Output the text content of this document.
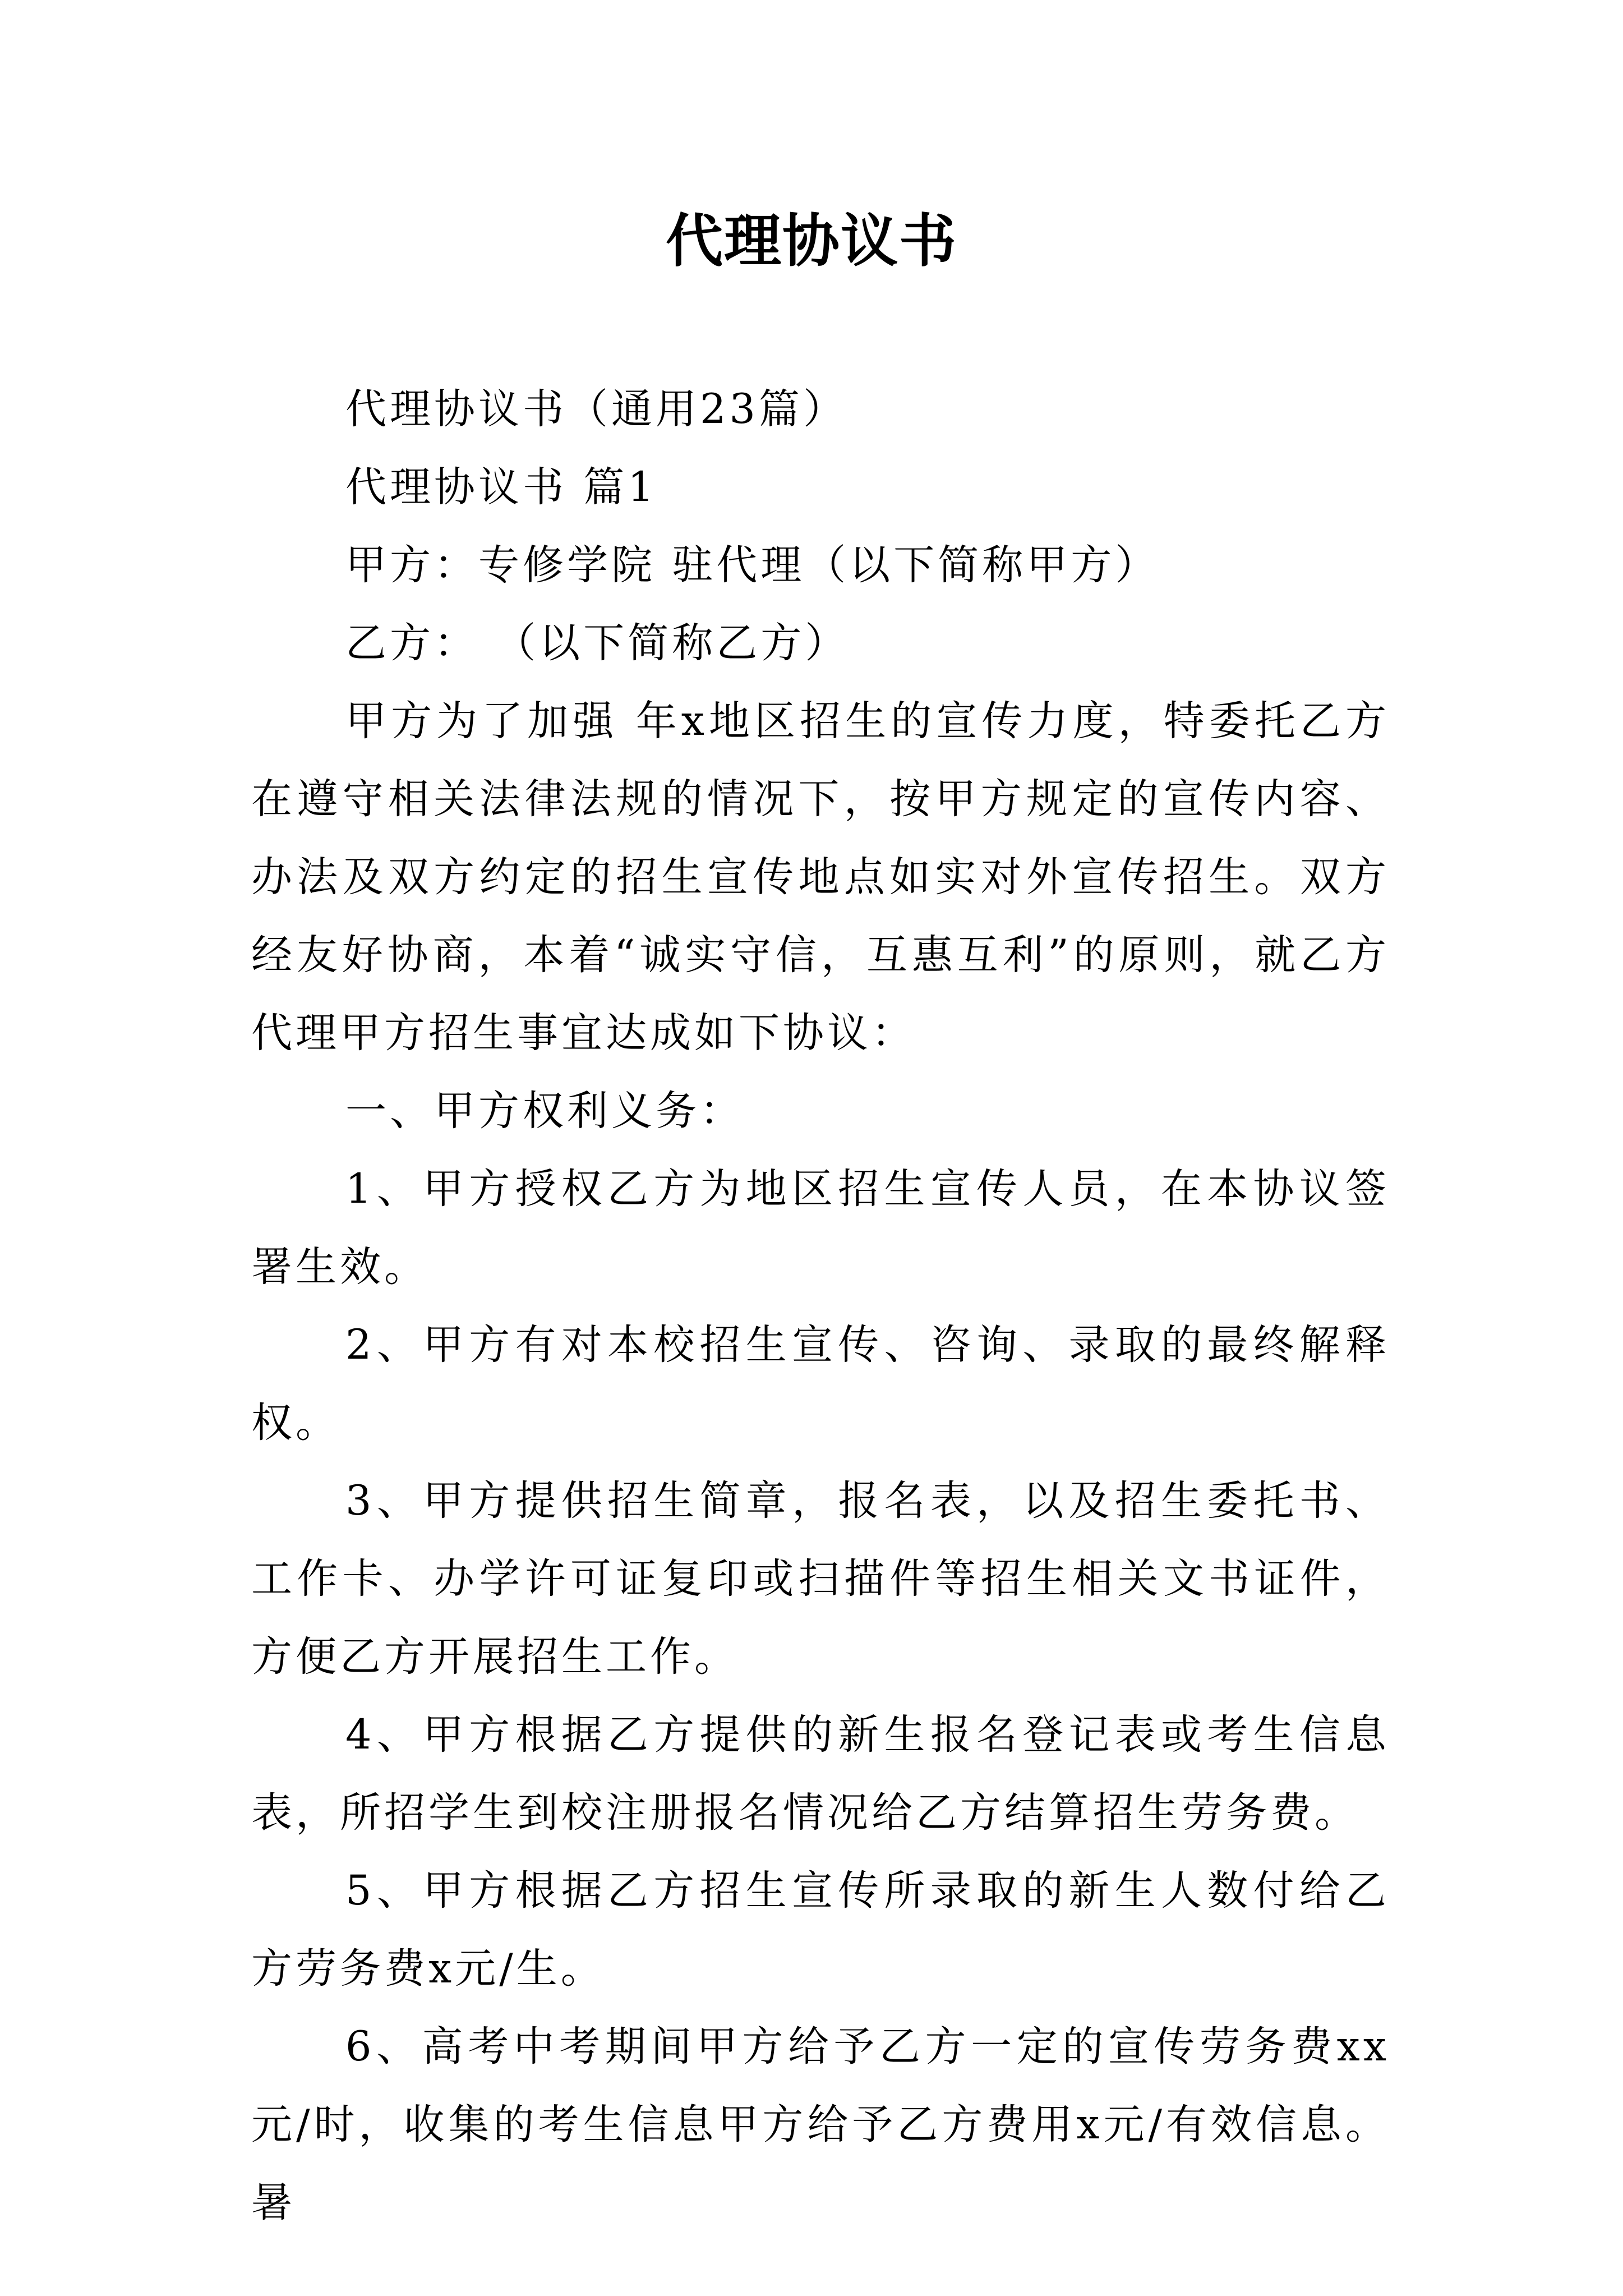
代理协议书

代理协议书（通用23篇）

代理协议书 篇1

甲方：专修学院 驻代理（以下简称甲方）

乙方： （以下简称乙方）

甲方为了加强 年x地区招生的宣传力度，特委托乙方在遵守相关法律法规的情况下，按甲方规定的宣传内容、办法及双方约定的招生宣传地点如实对外宣传招生。双方经友好协商，本着“诚实守信，互惠互利”的原则，就乙方代理甲方招生事宜达成如下协议：

一、甲方权利义务：

1、甲方授权乙方为地区招生宣传人员，在本协议签署生效。

2、甲方有对本校招生宣传、咨询、录取的最终解释权。

3、甲方提供招生简章，报名表，以及招生委托书、工作卡、办学许可证复印或扫描件等招生相关文书证件，方便乙方开展招生工作。

4、甲方根据乙方提供的新生报名登记表或考生信息表，所招学生到校注册报名情况给乙方结算招生劳务费。

5、甲方根据乙方招生宣传所录取的新生人数付给乙方劳务费x元/生。

6、高考中考期间甲方给予乙方一定的宣传劳务费xx元/时，收集的考生信息甲方给予乙方费用x元/有效信息。暑
